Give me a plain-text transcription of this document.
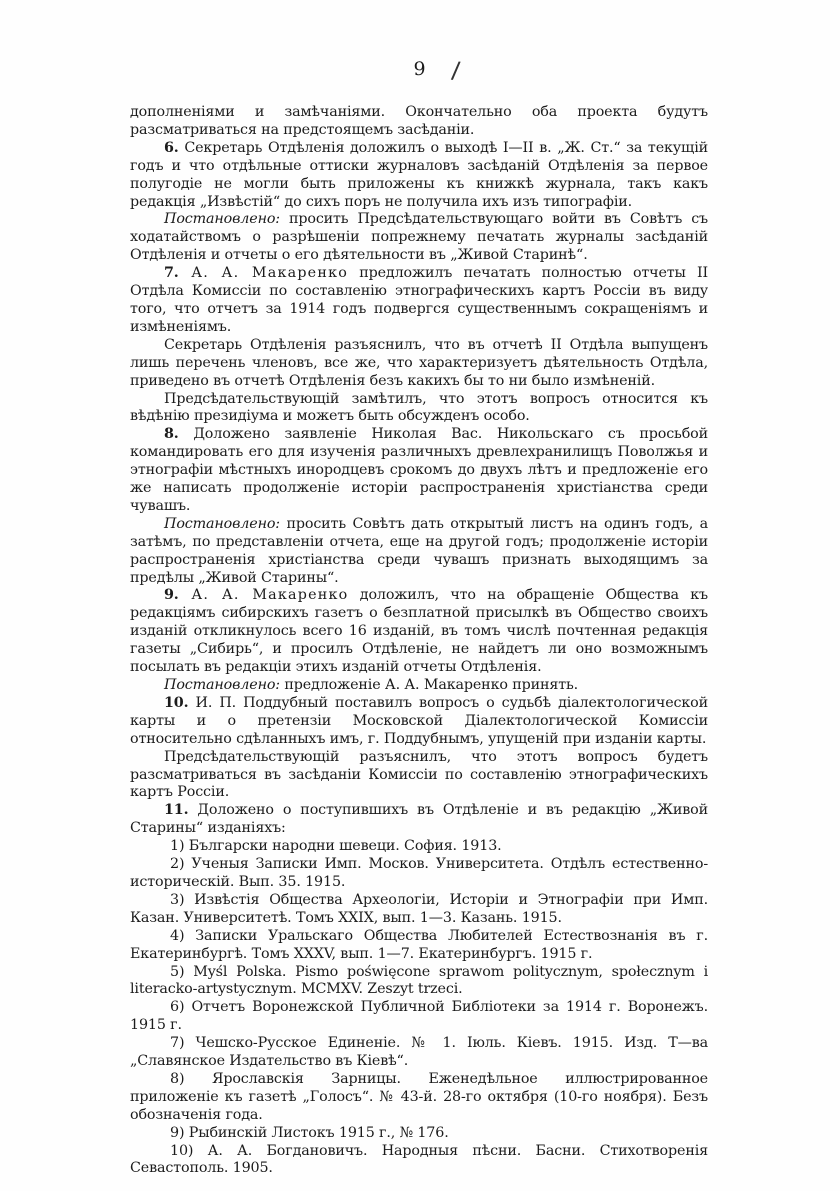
9 /

дополненіями и замѣчаніями. Окончательно оба проекта будутъ разсматриваться на предстоящемъ засѣданіи.

6. Секретарь Отдѣленія доложилъ о выходѣ I—II в. „Ж. Ст.“ за текущій годъ и что отдѣльные оттиски журналовъ засѣданій Отдѣленія за первое полугодіе не могли быть приложены къ книжкѣ журнала, такъ какъ редакція „Извѣстій“ до сихъ поръ не получила ихъ изъ типографіи.

Постановлено: просить Предсѣдательствующаго войти въ Совѣтъ съ ходатайствомъ о разрѣшеніи попрежнему печатать журналы засѣданій Отдѣленія и отчеты о его дѣятельности въ „Живой Старинѣ“.

7. А. А. Макаренко предложилъ печатать полностью отчеты II Отдѣла Комиссіи по составленію этнографическихъ картъ Россіи въ виду того, что отчетъ за 1914 годъ подвергся существеннымъ сокращеніямъ и измѣненіямъ.

Секретарь Отдѣленія разъяснилъ, что въ отчетѣ II Отдѣла выпущенъ лишь перечень членовъ, все же, что характеризуетъ дѣятельность Отдѣла, приведено въ отчетѣ Отдѣленія безъ какихъ бы то ни было измѣненій.

Предсѣдательствующій замѣтилъ, что этотъ вопросъ относится къ вѣдѣнію президіума и можетъ быть обсужденъ особо.

8. Доложено заявленіе Николая Вас. Никольскаго съ просьбой командировать его для изученія различныхъ древлехранилищъ Поволжья и этнографіи мѣстныхъ инородцевъ срокомъ до двухъ лѣтъ и предложеніе его же написать продолженіе исторіи распространенія христіанства среди чувашъ.

Постановлено: просить Совѣтъ дать открытый листъ на одинъ годъ, а затѣмъ, по представленіи отчета, еще на другой годъ; продолженіе исторіи распространенія христіанства среди чувашъ признать выходящимъ за предѣлы „Живой Старины“.

9. А. А. Макаренко доложилъ, что на обращеніе Общества къ редакціямъ сибирскихъ газетъ о безплатной присылкѣ въ Общество своихъ изданій откликнулось всего 16 изданій, въ томъ числѣ почтенная редакція газеты „Сибирь“, и просилъ Отдѣленіе, не найдетъ ли оно возможнымъ посылать въ редакціи этихъ изданій отчеты Отдѣленія.

Постановлено: предложеніе А. А. Макаренко принять.

10. И. П. Поддубный поставилъ вопросъ о судьбѣ діалектологической карты и о претензіи Московской Діалектологической Комиссіи относительно сдѣланныхъ имъ, г. Поддубнымъ, упущеній при изданіи карты.

Предсѣдательствующій разъяснилъ, что этотъ вопросъ будетъ разсматриваться въ засѣданіи Комиссіи по составленію этнографическихъ картъ Россіи.

11. Доложено о поступившихъ въ Отдѣленіе и въ редакцію „Живой Старины“ изданіяхъ:

1) Български народни шевеци. София. 1913.

2) Ученыя Записки Имп. Москов. Университета. Отдѣлъ естественно-историческій. Вып. 35. 1915.

3) Извѣстія Общества Археологіи, Исторіи и Этнографіи при Имп. Казан. Университетѣ. Томъ XXIX, вып. 1—3. Казань. 1915.

4) Записки Уральскаго Общества Любителей Естествознанія въ г. Екатеринбургѣ. Томъ XXXV, вып. 1—7. Екатеринбургъ. 1915 г.

5) Myśl Polska. Pismo poświęcone sprawom politycznym, społecznym i literacko-artystycznym. MCMXV. Zeszyt trzeci.

6) Отчетъ Воронежской Публичной Библіотеки за 1914 г. Воронежъ. 1915 г.

7) Чешско-Русское Единеніе. № 1. Іюль. Кіевъ. 1915. Изд. Т—ва „Славянское Издательство въ Кіевѣ“.

8) Ярославскія Зарницы. Еженедѣльное иллюстрированное приложеніе къ газетѣ „Голосъ“. № 43-й. 28-го октября (10-го ноября). Безъ обозначенія года.

9) Рыбинскій Листокъ 1915 г., № 176.

10) А. А. Богдановичъ. Народныя пѣсни. Басни. Стихотворенія Севастополь. 1905.
